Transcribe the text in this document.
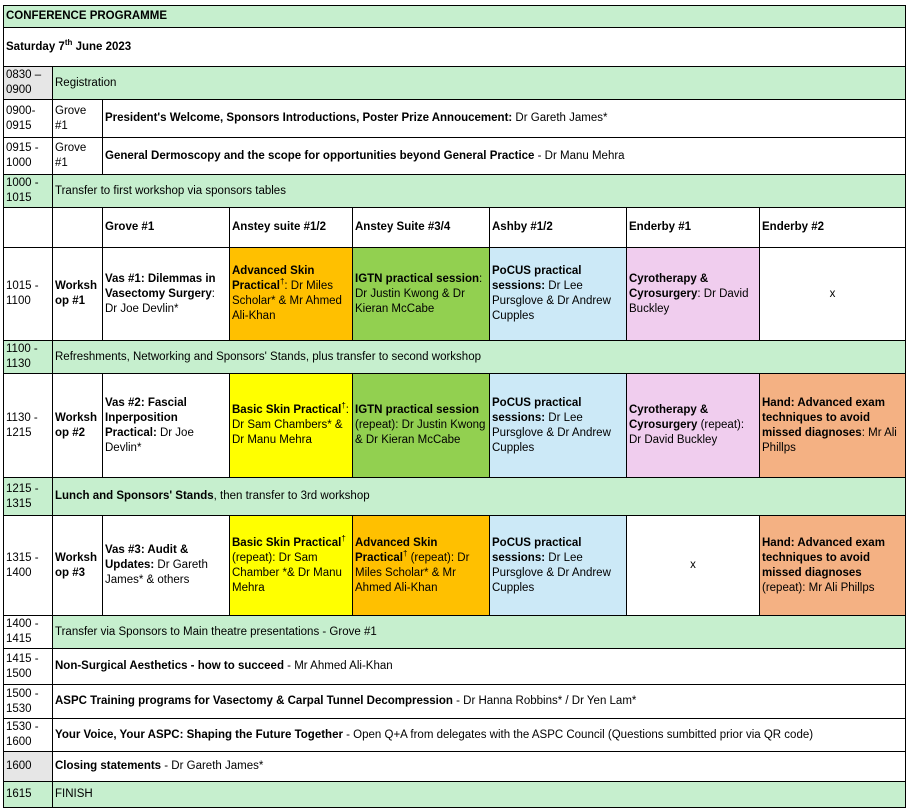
CONFERENCE PROGRAMME							
Saturday 7th June 2023							
0830 – 0900	Registration						
0900- 0915	Grove #1	President's Welcome, Sponsors Introductions, Poster Prize Annoucement: Dr Gareth James*					
0915 - 1000	Grove #1	General Dermoscopy and the scope for opportunities beyond General Practice - Dr Manu Mehra					
1000 - 1015	Transfer to first workshop via sponsors tables						
		Grove #1	Anstey suite #1/2	Anstey Suite #3/4	Ashby #1/2	Enderby #1	Enderby #2
1015 - 1100	Workshop #1	Vas #1: Dilemmas in Vasectomy Surgery: Dr Joe Devlin*	Advanced Skin Practical†: Dr Miles Scholar* & Mr Ahmed Ali-Khan	IGTN practical session: Dr Justin Kwong & Dr Kieran McCabe	PoCUS practical sessions: Dr Lee Pursglove & Dr Andrew Cupples	Cyrotherapy & Cyrosurgery: Dr David Buckley	x
1100 - 1130	Refreshments, Networking and Sponsors' Stands, plus transfer to second workshop						
1130 - 1215	Workshop #2	Vas #2: Fascial Inperposition Practical: Dr Joe Devlin*	Basic Skin Practical†: Dr Sam Chambers* & Dr Manu Mehra	IGTN practical session (repeat): Dr Justin Kwong & Dr Kieran McCabe	PoCUS practical sessions: Dr Lee Pursglove & Dr Andrew Cupples	Cyrotherapy & Cyrosurgery (repeat): Dr David Buckley	Hand: Advanced exam techniques to avoid missed diagnoses: Mr Ali Phillps
1215 - 1315	Lunch and Sponsors' Stands, then transfer to 3rd workshop						
1315 - 1400	Workshop #3	Vas #3: Audit & Updates: Dr Gareth James* & others	Basic Skin Practical† (repeat): Dr Sam Chamber *& Dr Manu Mehra	Advanced Skin Practical† (repeat): Dr Miles Scholar* & Mr Ahmed Ali-Khan	PoCUS practical sessions: Dr Lee Pursglove & Dr Andrew Cupples	x	Hand: Advanced exam techniques to avoid missed diagnoses (repeat): Mr Ali Phillps
1400 - 1415	Transfer via Sponsors to Main theatre presentations - Grove #1						
1415 - 1500	Non-Surgical Aesthetics - how to succeed - Mr Ahmed Ali-Khan						
1500 - 1530	ASPC Training programs for Vasectomy & Carpal Tunnel Decompression - Dr Hanna Robbins* / Dr Yen Lam*						
1530 - 1600	Your Voice, Your ASPC: Shaping the Future Together - Open Q+A from delegates with the ASPC Council (Questions sumbitted prior via QR code)						
1600	Closing statements - Dr Gareth James*						
1615	FINISH						
